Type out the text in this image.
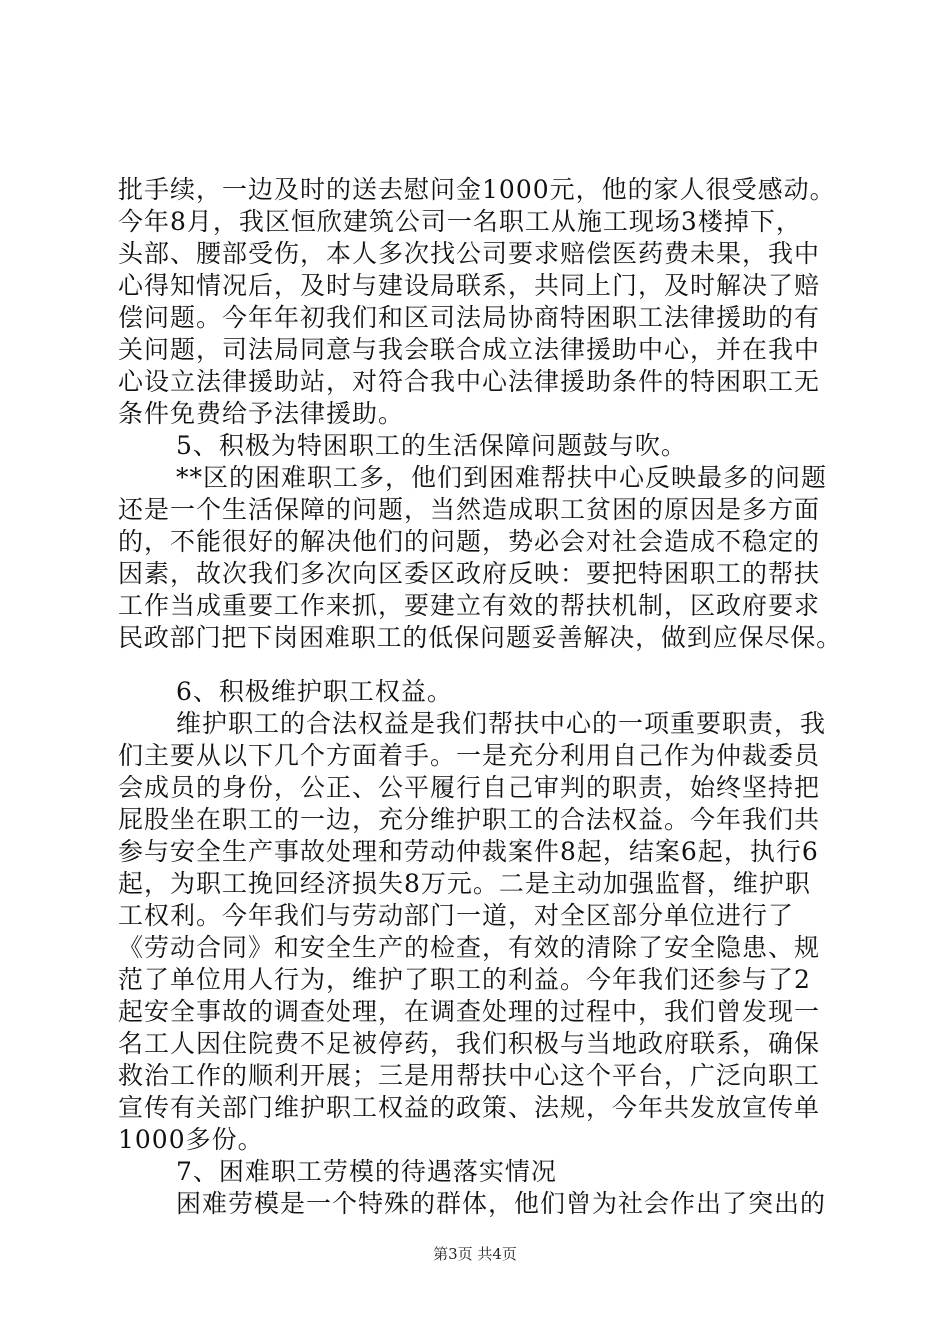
批手续，一边及时的送去慰问金1000元，他的家人很受感动。
今年8月，我区恒欣建筑公司一名职工从施工现场3楼掉下，
头部、腰部受伤，本人多次找公司要求赔偿医药费未果，我中
心得知情况后，及时与建设局联系，共同上门，及时解决了赔
偿问题。今年年初我们和区司法局协商特困职工法律援助的有
关问题，司法局同意与我会联合成立法律援助中心，并在我中
心设立法律援助站，对符合我中心法律援助条件的特困职工无
条件免费给予法律援助。
5、积极为特困职工的生活保障问题鼓与吹。
**区的困难职工多，他们到困难帮扶中心反映最多的问题
还是一个生活保障的问题，当然造成职工贫困的原因是多方面
的，不能很好的解决他们的问题，势必会对社会造成不稳定的
因素，故次我们多次向区委区政府反映：要把特困职工的帮扶
工作当成重要工作来抓，要建立有效的帮扶机制，区政府要求
民政部门把下岗困难职工的低保问题妥善解决，做到应保尽保。
6、积极维护职工权益。
维护职工的合法权益是我们帮扶中心的一项重要职责，我
们主要从以下几个方面着手。一是充分利用自己作为仲裁委员
会成员的身份，公正、公平履行自己审判的职责，始终坚持把
屁股坐在职工的一边，充分维护职工的合法权益。今年我们共
参与安全生产事故处理和劳动仲裁案件8起，结案6起，执行6
起，为职工挽回经济损失8万元。二是主动加强监督，维护职
工权利。今年我们与劳动部门一道，对全区部分单位进行了
《劳动合同》和安全生产的检查，有效的清除了安全隐患、规
范了单位用人行为，维护了职工的利益。今年我们还参与了2
起安全事故的调查处理，在调查处理的过程中，我们曾发现一
名工人因住院费不足被停药，我们积极与当地政府联系，确保
救治工作的顺利开展；三是用帮扶中心这个平台，广泛向职工
宣传有关部门维护职工权益的政策、法规，今年共发放宣传单
1000多份。
7、困难职工劳模的待遇落实情况
困难劳模是一个特殊的群体，他们曾为社会作出了突出的
第3页 共4页
